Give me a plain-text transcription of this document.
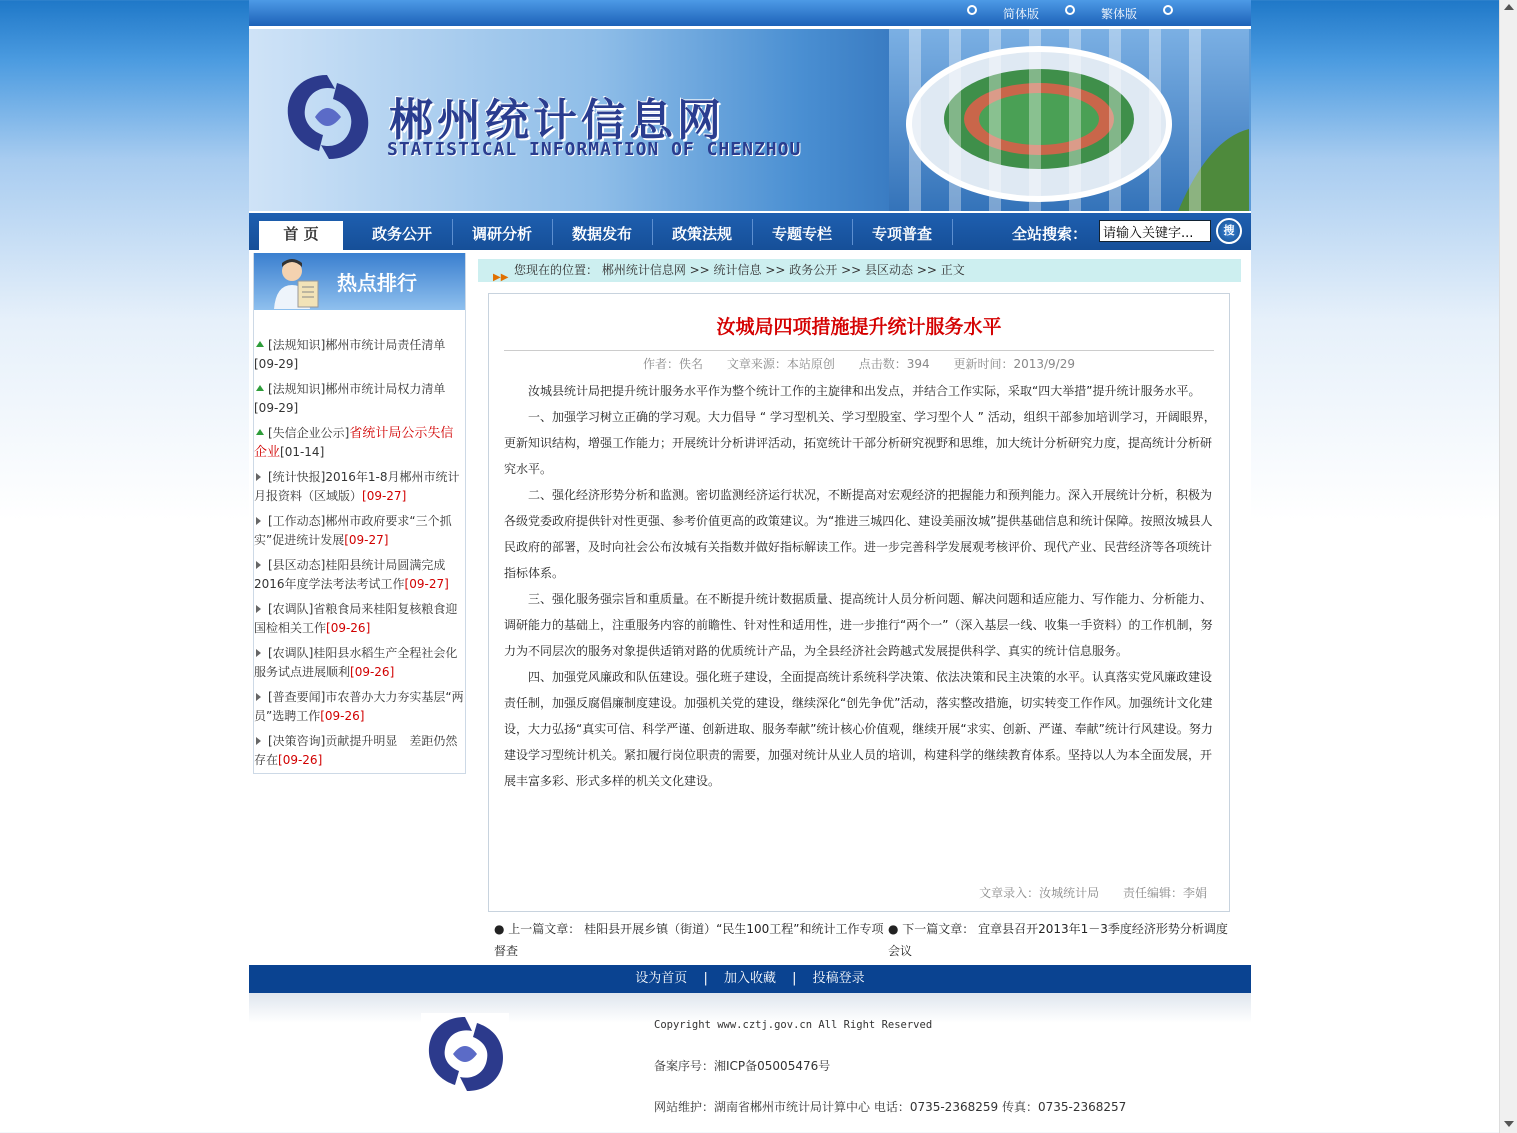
简体版	繁体版
郴州统计信息网
STATISTICAL INFORMATION OF CHENZHOU
首 页	政务公开	调研分析	数据发布	政策法规	专题专栏	专项普查	全站搜索：
请输入关键字...	搜
热点排行
[法规知识]郴州市统计局责任清单[09-29]
[法规知识]郴州市统计局权力清单[09-29]
[失信企业公示]省统计局公示失信企业[01-14]
[统计快报]2016年1-8月郴州市统计月报资料（区域版）[09-27]
[工作动态]郴州市政府要求“三个抓实”促进统计发展[09-27]
[县区动态]桂阳县统计局圆满完成2016年度学法考法考试工作[09-27]
[农调队]省粮食局来桂阳复核粮食迎国检相关工作[09-26]
[农调队]桂阳县水稻生产全程社会化服务试点进展顺利[09-26]
[普查要闻]市农普办大力夯实基层“两员”选聘工作[09-26]
[决策咨询]贡献提升明显　差距仍然存在[09-26]
▶▶
您现在的位置： 郴州统计信息网 >> 统计信息 >> 政务公开 >> 县区动态 >> 正文
汝城局四项措施提升统计服务水平
作者：佚名 文章来源：本站原创 点击数：394 更新时间：2013/9/29

汝城县统计局把提升统计服务水平作为整个统计工作的主旋律和出发点，并结合工作实际，采取“四大举措”提升统计服务水平。

一、加强学习树立正确的学习观。大力倡导 “ 学习型机关、学习型股室、学习型个人 ” 活动，组织干部参加培训学习，开阔眼界，更新知识结构，增强工作能力；开展统计分析讲评活动，拓宽统计干部分析研究视野和思维，加大统计分析研究力度，提高统计分析研究水平。

二、强化经济形势分析和监测。密切监测经济运行状况，不断提高对宏观经济的把握能力和预判能力。深入开展统计分析，积极为各级党委政府提供针对性更强、参考价值更高的政策建议。为“推进三城四化、建设美丽汝城”提供基础信息和统计保障。按照汝城县人民政府的部署，及时向社会公布汝城有关指数并做好指标解读工作。进一步完善科学发展观考核评价、现代产业、民营经济等各项统计指标体系。

三、强化服务强宗旨和重质量。在不断提升统计数据质量、提高统计人员分析问题、解决问题和适应能力、写作能力、分析能力、调研能力的基础上，注重服务内容的前瞻性、针对性和适用性，进一步推行“两个一”（深入基层一线、收集一手资料）的工作机制，努力为不同层次的服务对象提供适销对路的优质统计产品，为全县经济社会跨越式发展提供科学、真实的统计信息服务。

四、加强党风廉政和队伍建设。强化班子建设，全面提高统计系统科学决策、依法决策和民主决策的水平。认真落实党风廉政建设责任制，加强反腐倡廉制度建设。加强机关党的建设，继续深化“创先争优”活动，落实整改措施，切实转变工作作风。加强统计文化建设，大力弘扬“真实可信、科学严谨、创新进取、服务奉献”统计核心价值观，继续开展“求实、创新、严谨、奉献”统计行风建设。努力建设学习型统计机关。紧扣履行岗位职责的需要，加强对统计从业人员的培训，构建科学的继续教育体系。坚持以人为本全面发展，开展丰富多彩、形式多样的机关文化建设。

文章录入：汝城统计局 责任编辑：李娟
● 上一篇文章： 桂阳县开展乡镇（街道）“民生100工程”和统计工作专项督查
● 下一篇文章： 宜章县召开2013年1－3季度经济形势分析调度会议
设为首页 | 加入收藏 | 投稿登录
Copyright www.cztj.gov.cn All Right Reserved
备案序号：湘ICP备05005476号
网站维护：湖南省郴州市统计局计算中心 电话：0735-2368259 传真：0735-2368257
